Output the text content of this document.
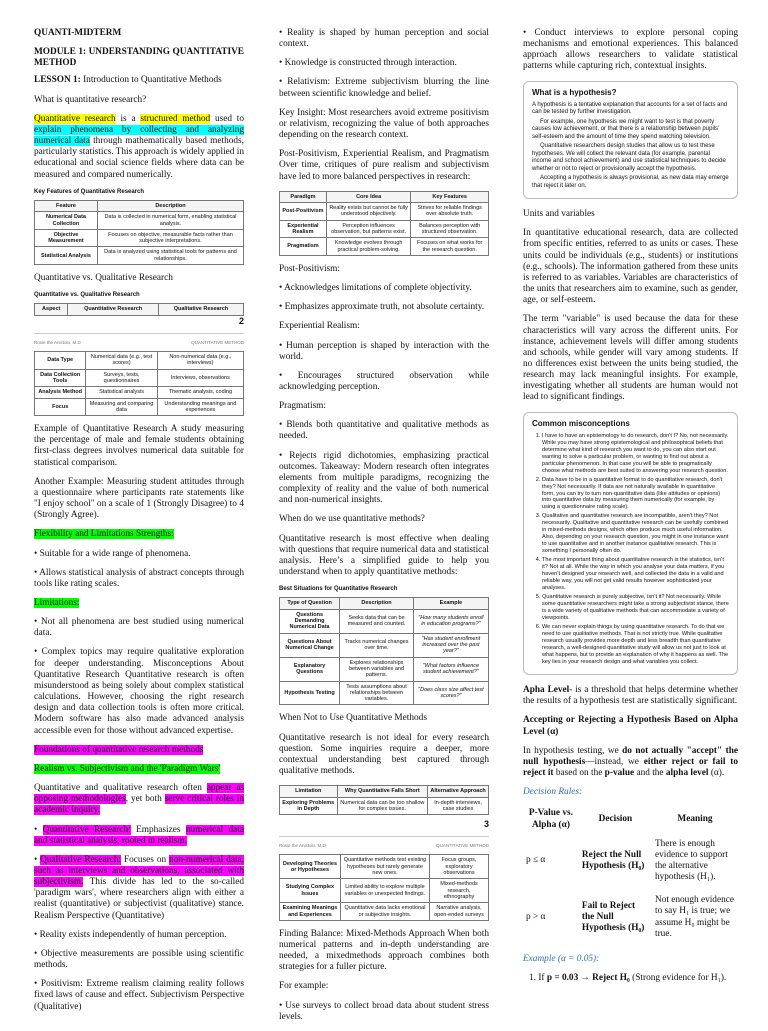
QUANTI-MIDTERM

MODULE 1: UNDERSTANDING QUANTITATIVE METHOD

LESSON 1: Introduction to Quantitative Methods

What is quantitative research?

Quantitative research is a structured method used to explain phenomena by collecting and analyzing numerical data through mathematically based methods, particularly statistics. This approach is widely applied in educational and social science fields where data can be measured and compared numerically.

Key Features of Quantitative Research
Feature	Description
Numerical Data Collection	Data is collected in numerical form, enabling statistical analysis.
Objective Measurement	Focuses on objective, measurable facts rather than subjective interpretations.
Statistical Analysis	Data is analyzed using statistical tools for patterns and relationships.

Quantitative vs. Qualitative Research

Quantitative vs. Qualitative Research
Aspect	Quantitative Research	Qualitative Research
2
Rosie the Anistolo, M.D	QUANTITATIVE METHOD
Data Type	Numerical data (e.g., test scores)	Non-numerical data (e.g., interviews)
Data Collection Tools	Surveys, tests, questionnaires	Interviews, observations
Analysis Method	Statistical analysis	Thematic analysis, coding
Focus	Measuring and comparing data	Understanding meanings and experiences

Example of Quantitative Research A study measuring the percentage of male and female students obtaining first-class degrees involves numerical data suitable for statistical comparison.

Another Example: Measuring student attitudes through a questionnaire where participants rate statements like "I enjoy school" on a scale of 1 (Strongly Disagree) to 4 (Strongly Agree).

Flexibility and Limitations Strengths:

• Suitable for a wide range of phenomena.

• Allows statistical analysis of abstract concepts through tools like rating scales.

Limitations:

• Not all phenomena are best studied using numerical data.

• Complex topics may require qualitative exploration for deeper understanding. Misconceptions About Quantitative Research Quantitative research is often misunderstood as being solely about complex statistical calculations. However, choosing the right research design and data collection tools is often more critical. Modern software has also made advanced analysis accessible even for those without advanced expertise.

Foundations of quantitative research methods

Realism vs. Subjectivism and the 'Paradigm Wars'

Quantitative and qualitative research often appear as opposing methodologies, yet both serve critical roles in academic inquiry.

• Quantitative Research: Emphasizes numerical data and statistical analysis, rooted in realism.

• Qualitative Research: Focuses on non-numerical data, such as interviews and observations, associated with subjectivism. This divide has led to the so-called 'paradigm wars', where researchers align with either a realist (quantitative) or subjectivist (qualitative) stance. Realism Perspective (Quantitative)

• Reality exists independently of human perception.

• Objective measurements are possible using scientific methods.

• Positivism: Extreme realism claiming reality follows fixed laws of cause and effect. Subjectivism Perspective (Qualitative)

• Reality is shaped by human perception and social context.

• Knowledge is constructed through interaction.

• Relativism: Extreme subjectivism blurring the line between scientific knowledge and belief.

Key Insight: Most researchers avoid extreme positivism or relativism, recognizing the value of both approaches depending on the research context.

Post-Positivism, Experiential Realism, and Pragmatism Over time, critiques of pure realism and subjectivism have led to more balanced perspectives in research:

Paradigm	Core Idea	Key Features
Post-Positivism	Reality exists but cannot be fully understood objectively.	Strives for reliable findings over absolute truth.
Experiential Realism	Perception influences observation, but patterns exist.	Balances perception with structured observation.
Pragmatism	Knowledge evolves through practical problem-solving.	Focuses on what works for the research question.

Post-Positivism:

• Acknowledges limitations of complete objectivity.

• Emphasizes approximate truth, not absolute certainty.

Experiential Realism:

• Human perception is shaped by interaction with the world.

• Encourages structured observation while acknowledging perception.

Pragmatism:

• Blends both quantitative and qualitative methods as needed.

• Rejects rigid dichotomies, emphasizing practical outcomes. Takeaway: Modern research often integrates elements from multiple paradigms, recognizing the complexity of reality and the value of both numerical and non-numerical insights.

When do we use quantitative methods?

Quantitative research is most effective when dealing with questions that require numerical data and statistical analysis. Here’s a simplified guide to help you understand when to apply quantitative methods:

Best Situations for Quantitative Research
Type of Question	Description	Example
Questions Demanding Numerical Data	Seeks data that can be measured and counted.	"How many students enroll in education programs?"
Questions About Numerical Change	Tracks numerical changes over time.	"Has student enrollment increased over the past year?"
Explanatory Questions	Explores relationships between variables and patterns.	"What factors influence student achievement?"
Hypothesis Testing	Tests assumptions about relationships between variables.	"Does class size affect test scores?"

When Not to Use Quantitative Methods

Quantitative research is not ideal for every research question. Some inquiries require a deeper, more contextual understanding best captured through qualitative methods.

Limitation	Why Quantitative Falls Short	Alternative Approach
Exploring Problems in Depth	Numerical data can be too shallow for complex issues.	In-depth interviews, case studies
3
Rosie the Anistolo, M.D	QUANTITATIVE METHOD
Developing Theories or Hypotheses	Quantitative methods test existing hypotheses but rarely generate new ones.	Focus groups, exploratory observations
Studying Complex Issues	Limited ability to explore multiple variables or unexpected findings.	Mixed-methods research, ethnography
Examining Meanings and Experiences	Quantitative data lacks emotional or subjective insights.	Narrative analysis, open-ended surveys

Finding Balance: Mixed-Methods Approach When both numerical patterns and in-depth understanding are needed, a mixedmethods approach combines both strategies for a fuller picture.

For example:

• Use surveys to collect broad data about student stress levels.

• Conduct interviews to explore personal coping mechanisms and emotional experiences. This balanced approach allows researchers to validate statistical patterns while capturing rich, contextual insights.

What is a hypothesis?

A hypothesis is a tentative explanation that accounts for a set of facts and can be tested by further investigation.

For example, one hypothesis we might want to test is that poverty causes low achievement, or that there is a relationship between pupils’ self-esteem and the amount of time they spend watching television.

Quantitative researchers design studies that allow us to test these hypotheses. We will collect the relevant data (for example, parental income and school achievement) and use statistical techniques to decide whether or not to reject or provisionally accept the hypothesis.

Accepting a hypothesis is always provisional, as new data may emerge that reject it later on.

Units and variables

In quantitative educational research, data are collected from specific entities, referred to as units or cases. These units could be individuals (e.g., students) or institutions (e.g., schools). The information gathered from these units is referred to as variables. Variables are characteristics of the units that researchers aim to examine, such as gender, age, or self-esteem.

The term "variable" is used because the data for these characteristics will vary across the different units. For instance, achievement levels will differ among students and schools, while gender will vary among students. If no differences exist between the units being studied, the research may lack meaningful insights. For example, investigating whether all students are human would not lead to significant findings.

Common misconceptions
1. I have to have an epistemology to do research, don’t I? No, not necessarily. While you may have strong epistemological and philosophical beliefs that determine what kind of research you want to do, you can also start out wanting to solve a particular problem, or wanting to find out about a particular phenomenon. In that case you will be able to pragmatically choose what methods are best suited to answering your research question.
2. Data have to be in a quantitative format to do quantitative research, don’t they? Not necessarily. If data are not naturally available in quantitative form, you can try to turn non-quantitative data (like attitudes or opinions) into quantitative data by measuring them numerically (for example, by using a questionnaire rating scale).
3. Qualitative and quantitative research are incompatible, aren’t they? Not necessarily. Qualitative and quantitative research can be usefully combined in mixed-methods designs, which often produce much useful information. Also, depending on your research question, you might in one instance want to use quantitative and in another instance qualitative research. This is something I personally often do.
4. The most important thing about quantitative research is the statistics, isn’t it? Not at all. While the way in which you analyse your data matters, if you haven’t designed your research well, and collected the data in a valid and reliable way, you will not get valid results however sophisticated your analyses.
5. Quantitative research is purely subjective, isn’t it? Not necessarily. While some quantitative researchers might take a strong subjectivist stance, there is a wide variety of qualitative methods that can accommodate a variety of viewpoints.
6. We can never explain things by using quantitative research. To do that we need to use qualitative methods. That is not strictly true. While qualitative research usually provides more depth and less breadth than quantitative research, a well-designed quantitative study will allow us not just to look at what happens, but to provide an explanation of why it happens as well. The key lies in your research design and what variables you collect.

Apha Level- is a threshold that helps determine whether the results of a hypothesis test are statistically significant.

Accepting or Rejecting a Hypothesis Based on Alpha Level (α)

In hypothesis testing, we do not actually "accept" the null hypothesis—instead, we either reject or fail to reject it based on the p-value and the alpha level (α).

Decision Rules:

P-Value vs. Alpha (α)	Decision	Meaning
p ≤ α	Reject the Null Hypothesis (H₀)	There is enough evidence to support the alternative hypothesis (H₁).
p > α	Fail to Reject the Null Hypothesis (H₀)	Not enough evidence to say H₁ is true; we assume H₀ might be true.

Example (α = 0.05):

1. If p = 0.03 → Reject H₀ (Strong evidence for H₁).
